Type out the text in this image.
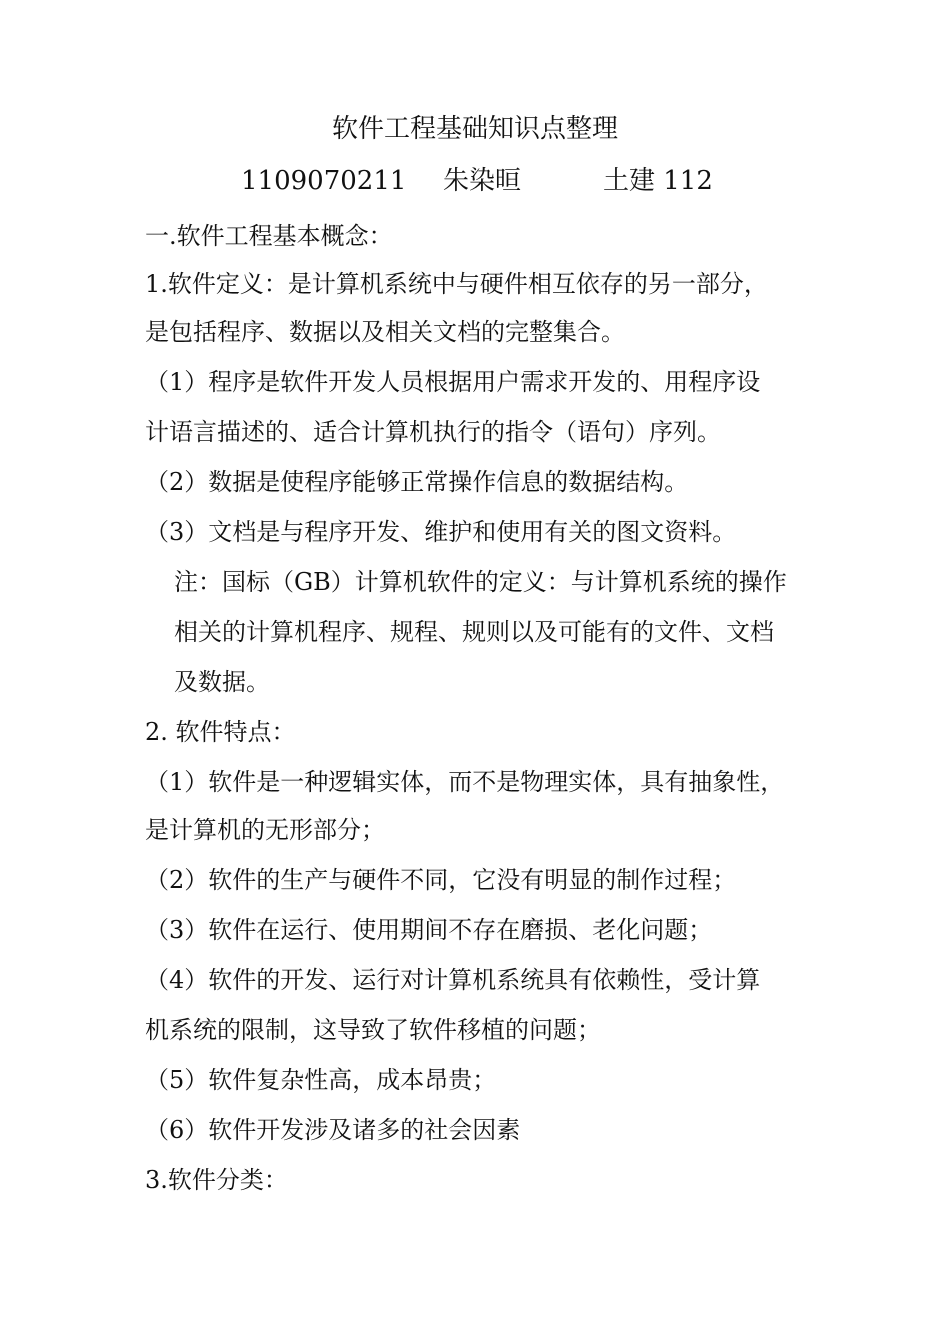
软件工程基础知识点整理
1109070211 朱染晅	土建 112
一.软件工程基本概念：
1.软件定义：是计算机系统中与硬件相互依存的另一部分，
是包括程序、数据以及相关文档的完整集合。
（1）程序是软件开发人员根据用户需求开发的、用程序设
计语言描述的、适合计算机执行的指令（语句）序列。
（2）数据是使程序能够正常操作信息的数据结构。
（3）文档是与程序开发、维护和使用有关的图文资料。
注：国标（GB）计算机软件的定义：与计算机系统的操作
相关的计算机程序、规程、规则以及可能有的文件、文档
及数据。
2. 软件特点：
（1）软件是一种逻辑实体，而不是物理实体，具有抽象性，
是计算机的无形部分；
（2）软件的生产与硬件不同，它没有明显的制作过程；
（3）软件在运行、使用期间不存在磨损、老化问题；
（4）软件的开发、运行对计算机系统具有依赖性，受计算
机系统的限制，这导致了软件移植的问题；
（5）软件复杂性高，成本昂贵；
（6）软件开发涉及诸多的社会因素
3.软件分类：
